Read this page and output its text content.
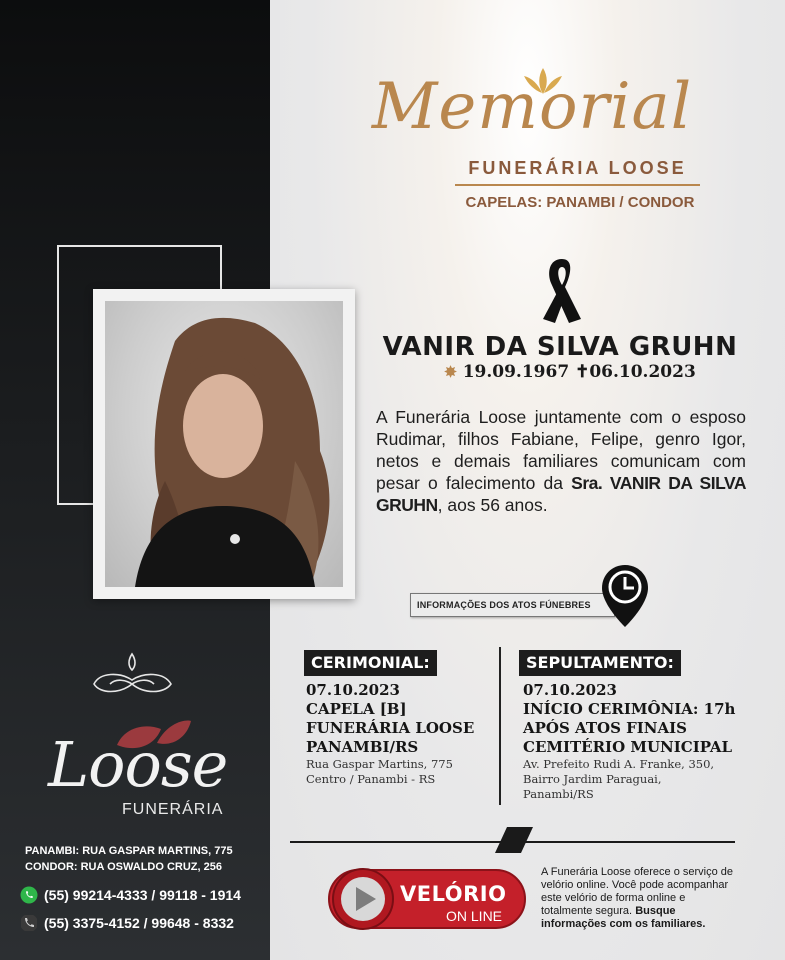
Memorial
FUNERÁRIA LOOSE
CAPELAS: PANAMBI / CONDOR
VANIR DA SILVA GRUHN
✸ 19.09.1967 ✝06.10.2023
A Funerária Loose juntamente com o esposo Rudimar, filhos Fabiane, Felipe, genro Igor, netos e demais familiares comunicam com pesar o falecimento da Sra. VANIR DA SILVA GRUHN, aos 56 anos.
INFORMAÇÕES DOS ATOS FÚNEBRES
CERIMONIAL:
07.10.2023
CAPELA [B]
FUNERÁRIA LOOSE
PANAMBI/RS
Rua Gaspar Martins, 775
Centro / Panambi - RS
SEPULTAMENTO:
07.10.2023
INÍCIO CERIMÔNIA: 17h
APÓS ATOS FINAIS
CEMITÉRIO MUNICIPAL
Av. Prefeito Rudi A. Franke, 350,
Bairro Jardim Paraguai,
Panambi/RS
Loose
FUNERÁRIA
PANAMBI: RUA GASPAR MARTINS, 775
CONDOR: RUA OSWALDO CRUZ, 256
(55) 99214-4333 / 99118 - 1914
(55) 3375-4152 / 99648 - 8332
VELÓRIO
ON LINE
A Funerária Loose oferece o serviço de velório online. Você pode acompanhar este velório de forma online e totalmente segura. Busque informações com os familiares.
